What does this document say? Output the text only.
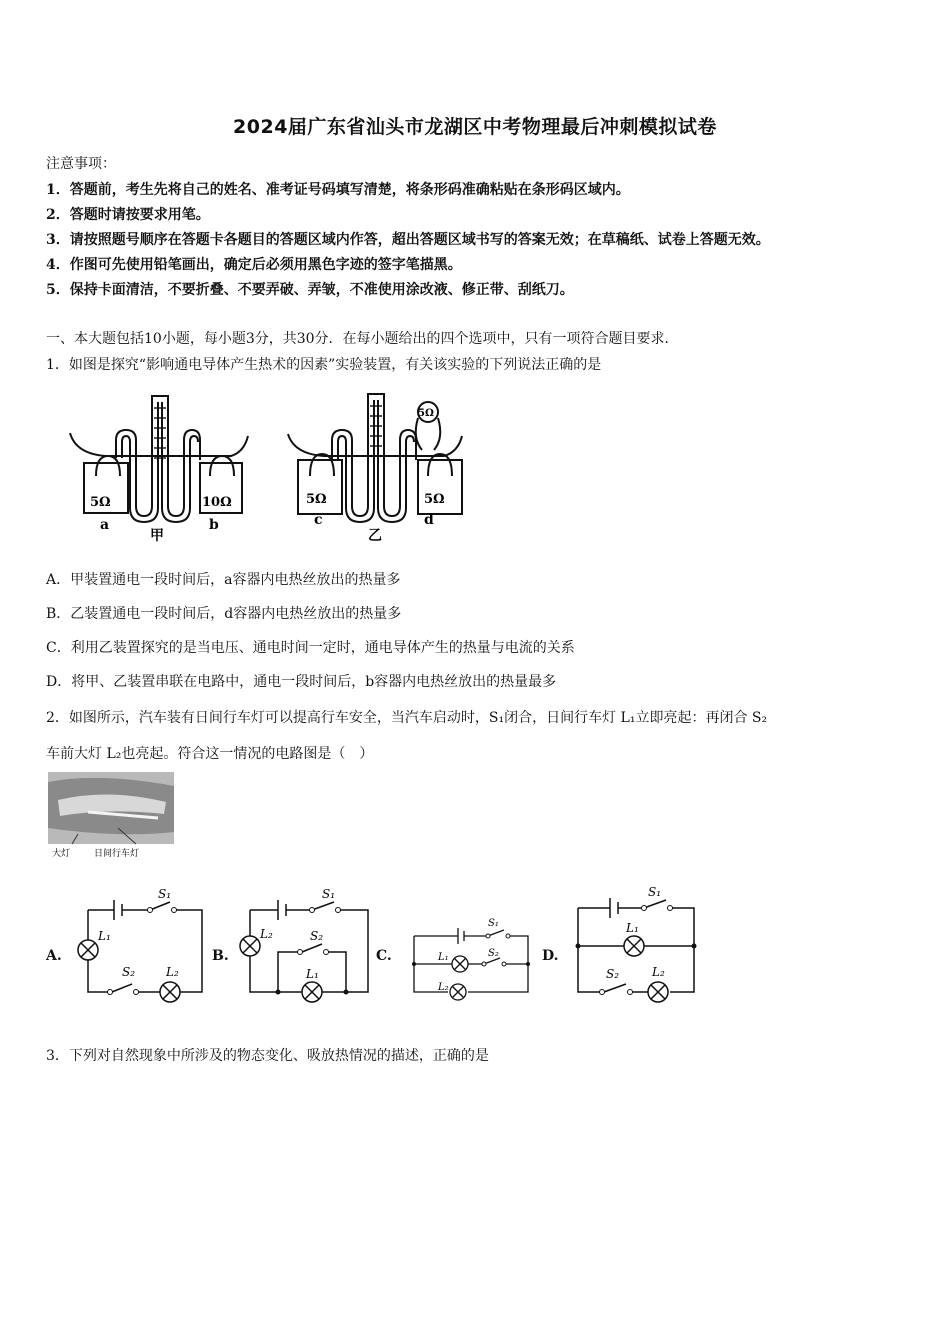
2024届广东省汕头市龙湖区中考物理最后冲刺模拟试卷
注意事项：
1．答题前，考生先将自己的姓名、准考证号码填写清楚，将条形码准确粘贴在条形码区域内。
2．答题时请按要求用笔。
3．请按照题号顺序在答题卡各题目的答题区域内作答，超出答题区域书写的答案无效；在草稿纸、试卷上答题无效。
4．作图可先使用铅笔画出，确定后必须用黑色字迹的签字笔描黑。
5．保持卡面清洁，不要折叠、不要弄破、弄皱，不准使用涂改液、修正带、刮纸刀。
一、本大题包括10小题，每小题3分，共30分．在每小题给出的四个选项中，只有一项符合题目要求．
1．如图是探究“影响通电导体产生热术的因素”实验装置，有关该实验的下列说法正确的是
5Ω	10Ω
a	b
甲
5Ω	5Ω
5Ω
c	d
乙
A．甲装置通电一段时间后，a容器内电热丝放出的热量多
B．乙装置通电一段时间后，d容器内电热丝放出的热量多
C．利用乙装置探究的是当电压、通电时间一定时，通电导体产生的热量与电流的关系
D．将甲、乙装置串联在电路中，通电一段时间后，b容器内电热丝放出的热量最多
2．如图所示，汽车装有日间行车灯可以提高行车安全，当汽车启动时，S₁闭合，日间行车灯 L₁立即亮起：再闭合 S₂
车前大灯 L₂也亮起。符合这一情况的电路图是（　）
大灯	日间行车灯
A.	B.	C.	D.
S₁
L₁
S₂	L₂
S₁
L₂	S₂
L₁
S₁
L₁	S₂
L₂
S₁
L₁
S₂	L₂
3．下列对自然现象中所涉及的物态变化、吸放热情况的描述，正确的是
